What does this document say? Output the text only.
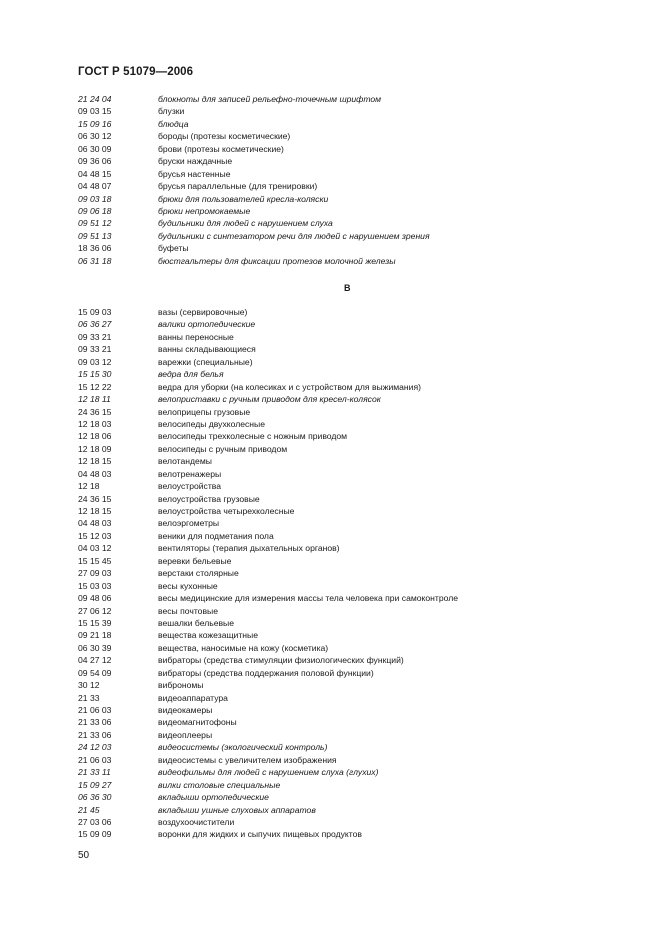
ГОСТ Р 51079—2006
21 24 04	блокноты для записей рельефно-точечным шрифтом
09 03 15	блузки
15 09 16	блюдца
06 30 12	бороды (протезы косметические)
06 30 09	брови (протезы косметические)
09 36 06	бруски наждачные
04 48 15	брусья настенные
04 48 07	брусья параллельные (для тренировки)
09 03 18	брюки для пользователей кресла-коляски
09 06 18	брюки непромокаемые
09 51 12	будильники для людей с нарушением слуха
09 51 13	будильники с синтезатором речи для людей с нарушением зрения
18 36 06	буфеты
06 31 18	бюстгальтеры для фиксации протезов молочной железы
В
15 09 03	вазы (сервировочные)
06 36 27	валики ортопедические
09 33 21	ванны переносные
09 33 21	ванны складывающиеся
09 03 12	варежки (специальные)
15 15 30	ведра для белья
15 12 22	ведра для уборки (на колесиках и с устройством для выжимания)
12 18 11	велоприставки с ручным приводом для кресел-колясок
24 36 15	велоприцепы грузовые
12 18 03	велосипеды двухколесные
12 18 06	велосипеды трехколесные с ножным приводом
12 18 09	велосипеды с ручным приводом
12 18 15	велотандемы
04 48 03	велотренажеры
12 18	велоустройства
24 36 15	велоустройства грузовые
12 18 15	велоустройства четырехколесные
04 48 03	велоэргометры
15 12 03	веники для подметания пола
04 03 12	вентиляторы (терапия дыхательных органов)
15 15 45	веревки бельевые
27 09 03	верстаки столярные
15 03 03	весы кухонные
09 48 06	весы медицинские для измерения массы тела человека при самоконтроле
27 06 12	весы почтовые
15 15 39	вешалки бельевые
09 21 18	вещества кожезащитные
06 30 39	вещества, наносимые на кожу (косметика)
04 27 12	вибраторы (средства стимуляции физиологических функций)
09 54 09	вибраторы (средства поддержания половой функции)
30 12	виброномы
21 33	видеоаппаратура
21 06 03	видеокамеры
21 33 06	видеомагнитофоны
21 33 06	видеоплееры
24 12 03	видеосистемы (экологический контроль)
21 06 03	видеосистемы с увеличителем изображения
21 33 11	видеофильмы для людей с нарушением слуха (глухих)
15 09 27	вилки столовые специальные
06 36 30	вкладыши ортопедические
21 45	вкладыши ушные слуховых аппаратов
27 03 06	воздухоочистители
15 09 09	воронки для жидких и сыпучих пищевых продуктов
50
